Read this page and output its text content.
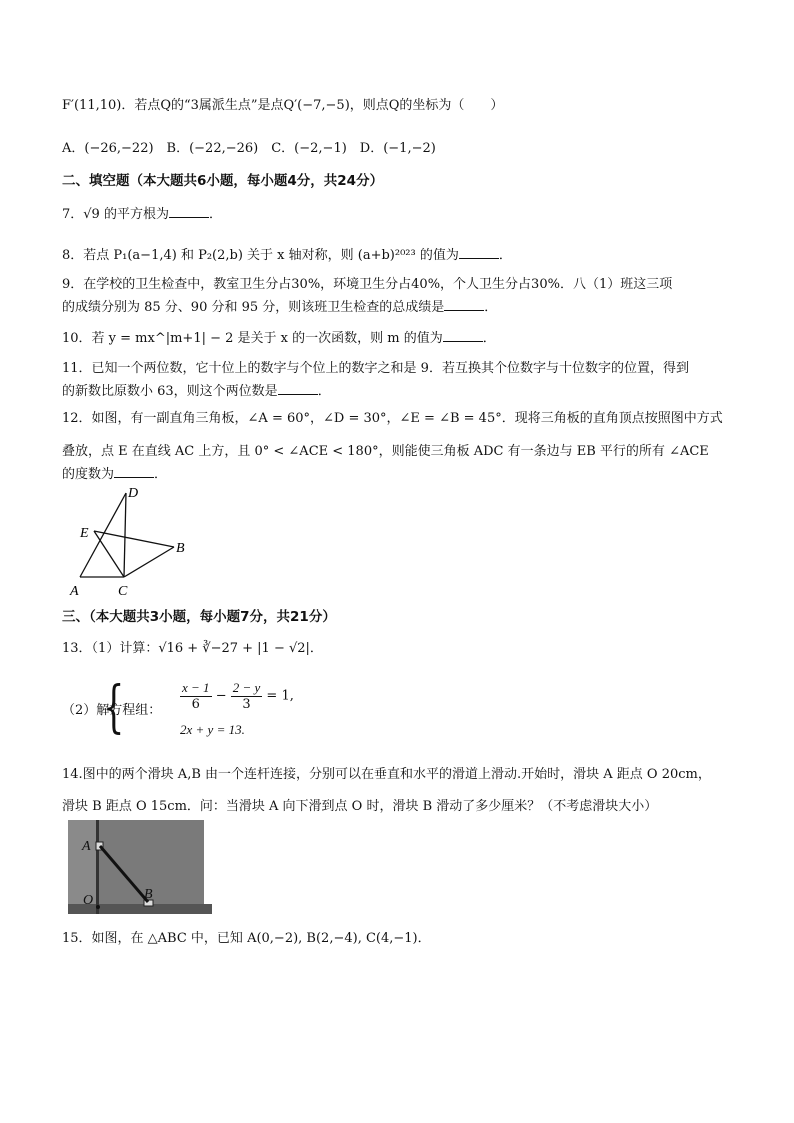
F′(11,10)．若点Q的“3属派生点”是点Q′(−7,−5)，则点Q的坐标为（　　）
A．(−26,−22)　B．(−22,−26)　C．(−2,−1)　D．(−1,−2)
二、填空题（本大题共6小题，每小题4分，共24分）
7．√9 的平方根为	．
8．若点 P₁(a−1,4) 和 P₂(2,b) 关于 x 轴对称，则 (a+b)²⁰²³ 的值为	．
9．在学校的卫生检查中，教室卫生分占30%，环境卫生分占40%，个人卫生分占30%．八（1）班这三项
的成绩分别为 85 分、90 分和 95 分，则该班卫生检查的总成绩是	．
10．若 y = mx^|m+1| − 2 是关于 x 的一次函数，则 m 的值为	．
11．已知一个两位数，它十位上的数字与个位上的数字之和是 9．若互换其个位数字与十位数字的位置，得到
的新数比原数小 63，则这个两位数是	．
12．如图，有一副直角三角板，∠A = 60°，∠D = 30°，∠E = ∠B = 45°．现将三角板的直角顶点按照图中方式
叠放，点 E 在直线 AC 上方，且 0° < ∠ACE < 180°，则能使三角板 ADC 有一条边与 EB 平行的所有 ∠ACE
的度数为	．
D
E
B
A	C
三、（本大题共3小题，每小题7分，共21分）
13．（1）计算：√16 + ∛−27 + |1 − √2|．
（2）解方程组：
{	$\frac{x - 1}{6} - \frac{2 - y}{3} = 1$,
2x + y = 13.
14.图中的两个滑块 A,B 由一个连杆连接，分别可以在垂直和水平的滑道上滑动.开始时，滑块 A 距点 O 20cm，
滑块 B 距点 O 15cm．问：当滑块 A 向下滑到点 O 时，滑块 B 滑动了多少厘米？（不考虑滑块大小）
A
B
O
15．如图，在 △ABC 中，已知 A(0,−2), B(2,−4), C(4,−1)．
